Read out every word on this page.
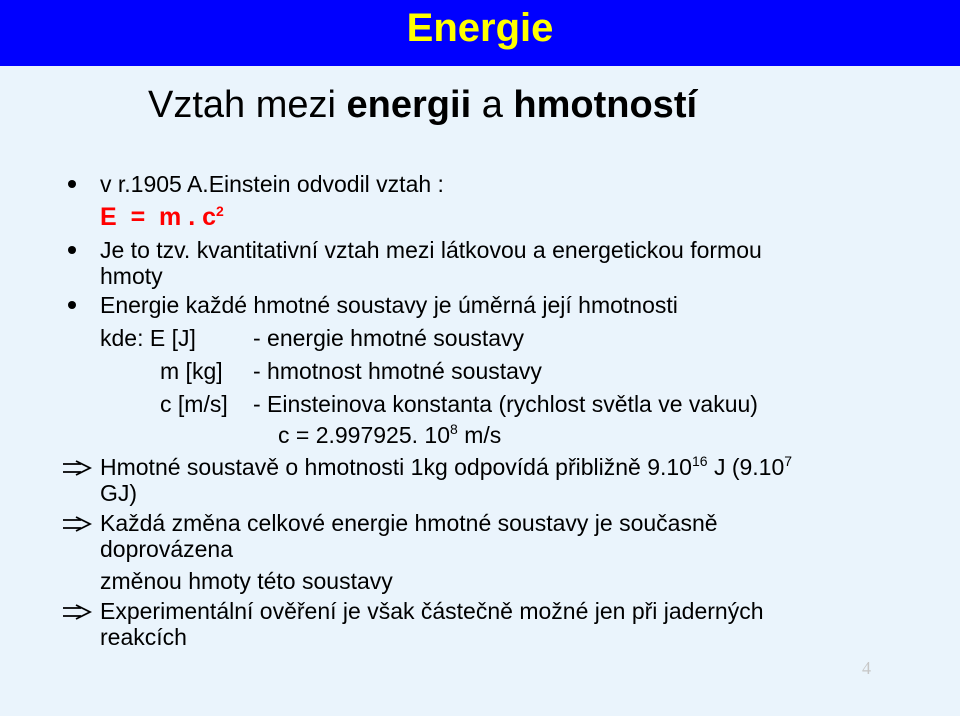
Energie
Vztah mezi energii a hmotností
v r.1905 A.Einstein odvodil vztah :
E  =  m . $c^2$
Je to tzv. kvantitativní vztah mezi látkovou a energetickou formou
hmoty
Energie každé hmotné soustavy je úměrná její hmotnosti
kde: E [J] - energie hmotné soustavy
m [kg] - hmotnost hmotné soustavy
c [m/s] - Einsteinova konstanta (rychlost světla ve vakuu)
c = 2.997925. $10^8$ m/s
Hmotné soustavě o hmotnosti 1kg odpovídá přibližně 9.10$^{16}$ J (9.10$^7$
GJ)
Každá změna celkové energie hmotné soustavy je současně
doprovázena
změnou hmoty této soustavy
Experimentální ověření je však částečně možné jen při jaderných
reakcích
4
